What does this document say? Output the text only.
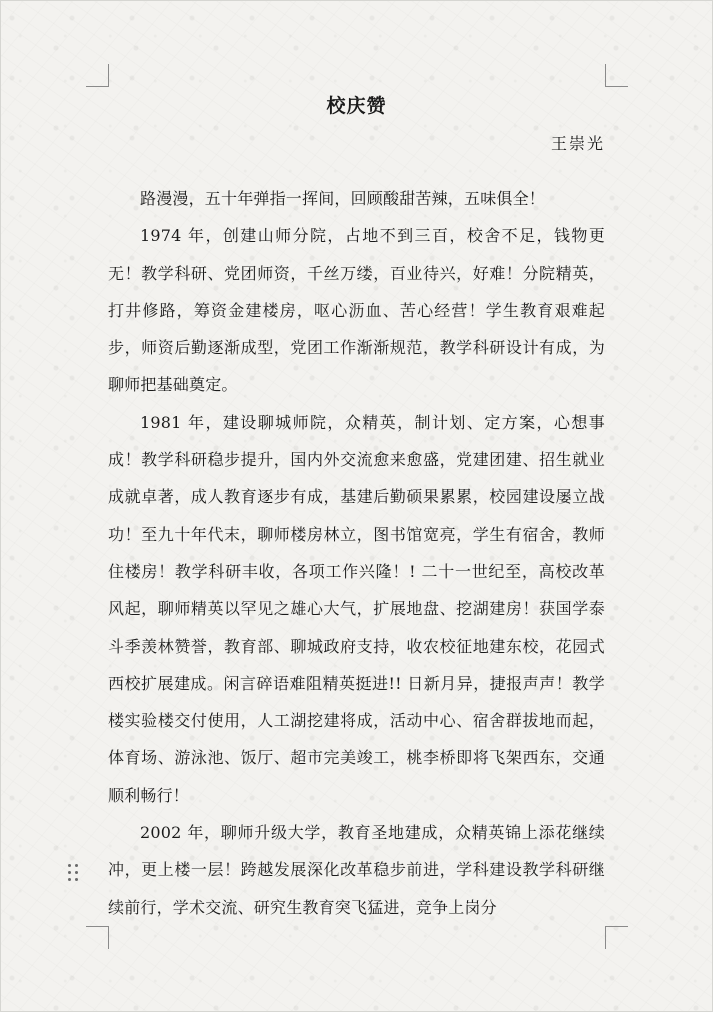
校庆赞
王崇光

路漫漫，五十年弹指一挥间，回顾酸甜苦辣，五味俱全！

1974 年，创建山师分院，占地不到三百，校舍不足，钱物更无！教学科研、党团师资，千丝万缕，百业待兴，好难！分院精英，打井修路，筹资金建楼房，呕心沥血、苦心经营！学生教育艰难起步，师资后勤逐渐成型，党团工作渐渐规范，教学科研设计有成，为聊师把基础奠定。

1981 年，建设聊城师院，众精英，制计划、定方案，心想事成！教学科研稳步提升，国内外交流愈来愈盛，党建团建、招生就业成就卓著，成人教育逐步有成，基建后勤硕果累累，校园建设屡立战功！至九十年代末，聊师楼房林立，图书馆宽亮，学生有宿舍，教师住楼房！教学科研丰收，各项工作兴隆！! 二十一世纪至，高校改革风起，聊师精英以罕见之雄心大气，扩展地盘、挖湖建房！获国学泰斗季羡林赞誉，教育部、聊城政府支持，收农校征地建东校，花园式西校扩展建成。闲言碎语难阻精英挺进!! 日新月异，捷报声声！教学楼实验楼交付使用，人工湖挖建将成，活动中心、宿舍群拔地而起，体育场、游泳池、饭厅、超市完美竣工，桃李桥即将飞架西东，交通顺利畅行！

2002 年，聊师升级大学，教育圣地建成，众精英锦上添花继续冲，更上楼一层！跨越发展深化改革稳步前进，学科建设教学科研继续前行，学术交流、研究生教育突飞猛进，竞争上岗分
